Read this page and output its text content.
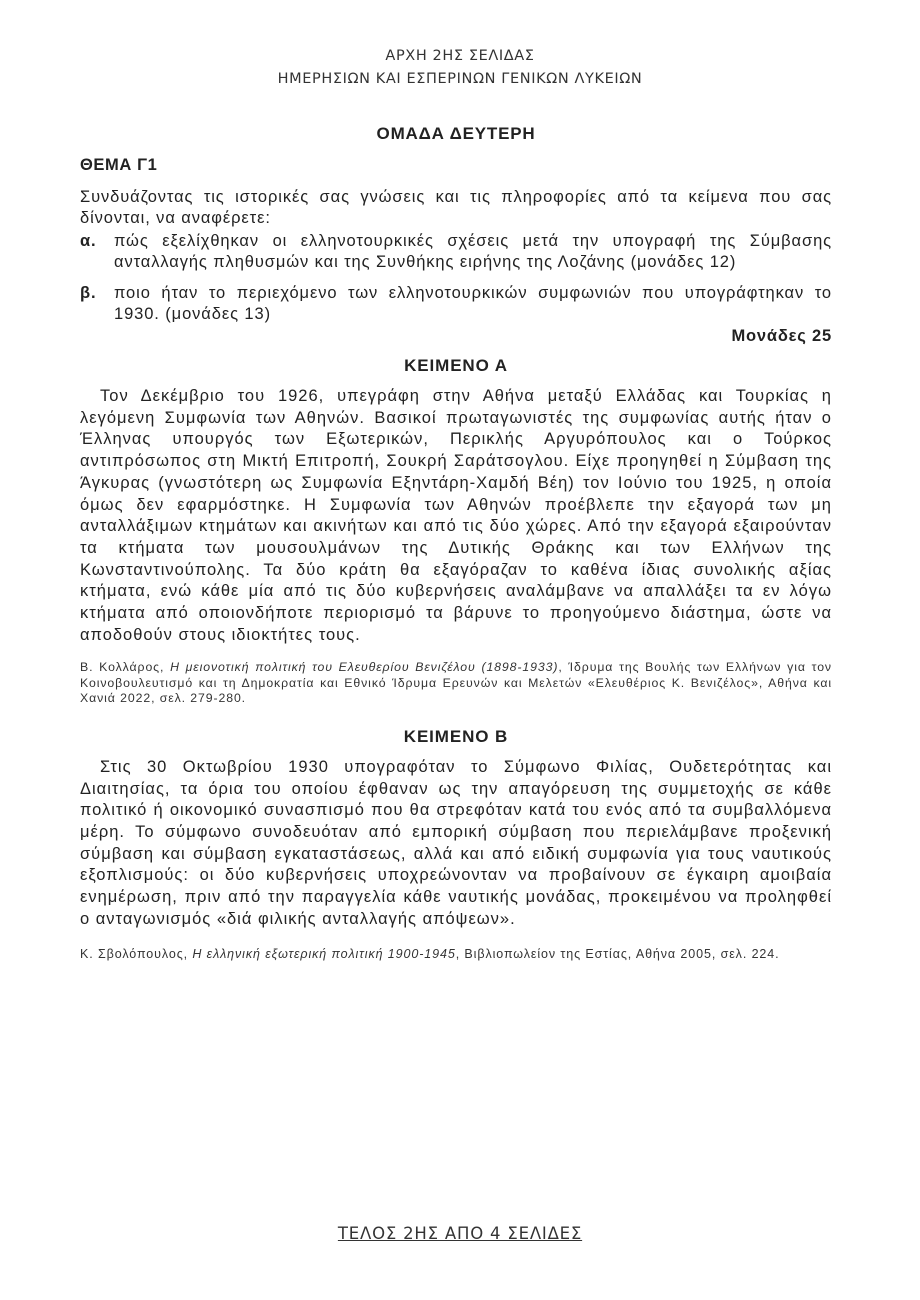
ΑΡΧΗ 2ΗΣ ΣΕΛΙΔΑΣ
ΗΜΕΡΗΣΙΩΝ ΚΑΙ ΕΣΠΕΡΙΝΩΝ ΓΕΝΙΚΩΝ ΛΥΚΕΙΩΝ
ΟΜΑΔΑ ΔΕΥΤΕΡΗ
ΘΕΜΑ Γ1

Συνδυάζοντας τις ιστορικές σας γνώσεις και τις πληροφορίες από τα κείμενα που σας δίνονται, να αναφέρετε:

α.	πώς εξελίχθηκαν οι ελληνοτουρκικές σχέσεις μετά την υπογραφή της Σύμβασης ανταλλαγής πληθυσμών και της Συνθήκης ειρήνης της Λοζάνης (μονάδες 12)
β.	ποιο ήταν το περιεχόμενο των ελληνοτουρκικών συμφωνιών που υπογράφτηκαν το 1930. (μονάδες 13)
Μονάδες 25
ΚΕΙΜΕΝΟ Α

Τον Δεκέμβριο του 1926, υπεγράφη στην Αθήνα μεταξύ Ελλάδας και Τουρκίας η λεγόμενη Συμφωνία των Αθηνών. Βασικοί πρωταγωνιστές της συμφωνίας αυτής ήταν ο Έλληνας υπουργός των Εξωτερικών, Περικλής Αργυρόπουλος και ο Τούρκος αντιπρόσωπος στη Μικτή Επιτροπή, Σουκρή Σαράτσογλου. Είχε προηγηθεί η Σύμβαση της Άγκυρας (γνωστότερη ως Συμφωνία Εξηντάρη-Χαμδή Βέη) τον Ιούνιο του 1925, η οποία όμως δεν εφαρμόστηκε. Η Συμφωνία των Αθηνών προέβλεπε την εξαγορά των μη ανταλλάξιμων κτημάτων και ακινήτων και από τις δύο χώρες. Από την εξαγορά εξαιρούνταν τα κτήματα των μουσουλμάνων της Δυτικής Θράκης και των Ελλήνων της Κωνσταντινούπολης. Τα δύο κράτη θα εξαγόραζαν το καθένα ίδιας συνολικής αξίας κτήματα, ενώ κάθε μία από τις δύο κυβερνήσεις αναλάμβανε να απαλλάξει τα εν λόγω κτήματα από οποιονδήποτε περιορισμό τα βάρυνε το προηγούμενο διάστημα, ώστε να αποδοθούν στους ιδιοκτήτες τους.

Β. Κολλάρος, Η μειονοτική πολιτική του Ελευθερίου Βενιζέλου (1898-1933), Ίδρυμα της Βουλής των Ελλήνων για τον Κοινοβουλευτισμό και τη Δημοκρατία και Εθνικό Ίδρυμα Ερευνών και Μελετών «Ελευθέριος Κ. Βενιζέλος», Αθήνα και Χανιά 2022, σελ. 279-280.
ΚΕΙΜΕΝΟ Β

Στις 30 Οκτωβρίου 1930 υπογραφόταν το Σύμφωνο Φιλίας, Ουδετερότητας και Διαιτησίας, τα όρια του οποίου έφθαναν ως την απαγόρευση της συμμετοχής σε κάθε πολιτικό ή οικονομικό συνασπισμό που θα στρεφόταν κατά του ενός από τα συμβαλλόμενα μέρη. Το σύμφωνο συνοδευόταν από εμπορική σύμβαση που περιελάμβανε προξενική σύμβαση και σύμβαση εγκαταστάσεως, αλλά και από ειδική συμφωνία για τους ναυτικούς εξοπλισμούς: οι δύο κυβερνήσεις υποχρεώνονταν να προβαίνουν σε έγκαιρη αμοιβαία ενημέρωση, πριν από την παραγγελία κάθε ναυτικής μονάδας, προκειμένου να προληφθεί ο ανταγωνισμός «διά φιλικής ανταλλαγής απόψεων».

Κ. Σβολόπουλος, Η ελληνική εξωτερική πολιτική 1900-1945, Βιβλιοπωλείον της Εστίας, Αθήνα 2005, σελ. 224.
ΤΕΛΟΣ 2ΗΣ ΑΠΟ 4 ΣΕΛΙΔΕΣ
